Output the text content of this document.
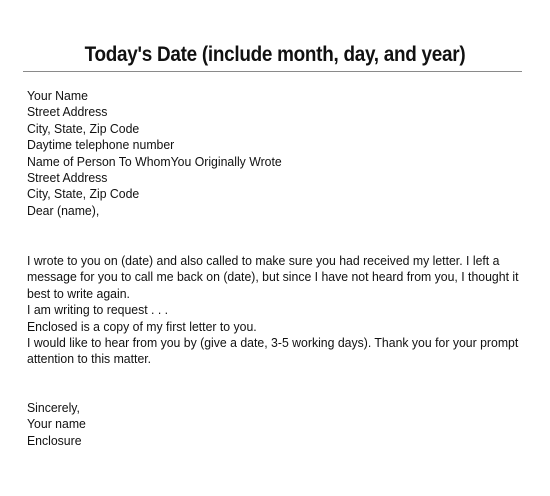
Today's Date (include month, day, and year)
Your Name
Street Address
City, State, Zip Code
Daytime telephone number
Name of Person To WhomYou Originally Wrote
Street Address
City, State, Zip Code
Dear (name),
I wrote to you on (date) and also called to make sure you had received my letter. I left a
message for you to call me back on (date), but since I have not heard from you, I thought it
best to write again.
I am writing to request . . .
Enclosed is a copy of my first letter to you.
I would like to hear from you by (give a date, 3-5 working days). Thank you for your prompt
attention to this matter.
Sincerely,
Your name
Enclosure
